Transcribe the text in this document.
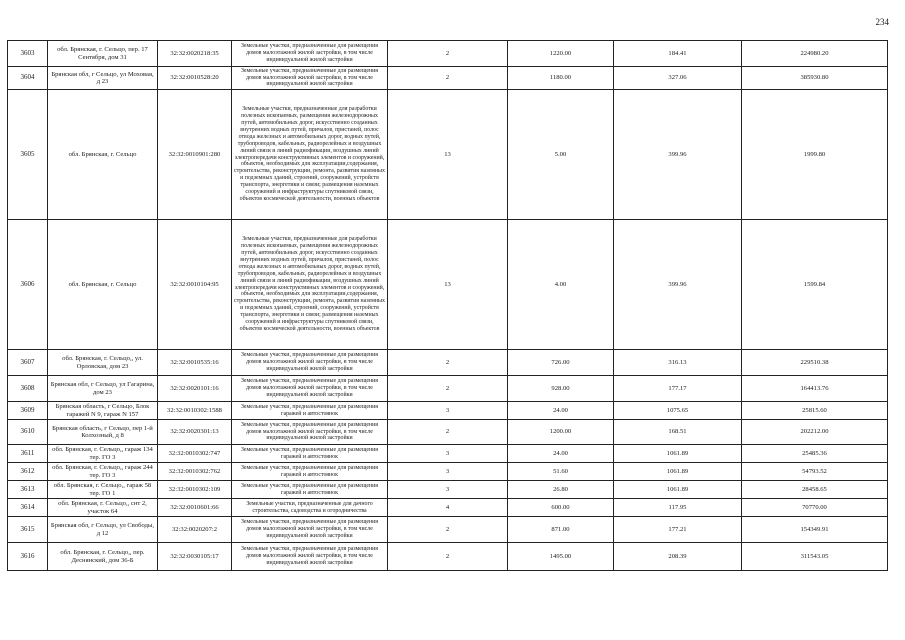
234
3603	обл. Брянская, г. Сельцо, пер. 17 Сентября, дом 31	32:32:0020218:35	Земельные участки, предназначенные для размещения домов малоэтажной жилой застройки, в том числе индивидуальной жилой застройки	2	1220.00	184.41	224980.20
3604	Брянская обл, г Сельцо, ул Моховая, д 23	32:32:0010528:20	Земельные участки, предназначенные для размещения домов малоэтажной жилой застройки, в том числе индивидуальной жилой застройки	2	1180.00	327.06	385930.80
3605	обл. Брянская, г. Сельцо	32:32:0010901:280	Земельные участки, предназначенные для разработки полезных ископаемых, размещения железнодорожных путей, автомобильных дорог, искусственно созданных внутренних водных путей, причалов, пристаней, полос отвода железных и автомобильных дорог, водных путей, трубопроводов, кабельных, радиорелейных и воздушных линий связи и линий радиофикации, воздушных линий электропередачи конструктивных элементов и сооружений, объектов, необходимых для эксплуатации,содержания, строительства, реконструкции, ремонта, развития наземных и подземных зданий, строений, сооружений, устройств транспорта, энергетики и связи; размещения наземных сооружений и инфраструктуры спутниковой связи, объектов космической деятельности, военных объектов	13	5.00	399.96	1999.80
3606	обл. Брянская, г. Сельцо	32:32:0010104:95	Земельные участки, предназначенные для разработки полезных ископаемых, размещения железнодорожных путей, автомобильных дорог, искусственно созданных внутренних водных путей, причалов, пристаней, полос отвода железных и автомобильных дорог, водных путей, трубопроводов, кабельных, радиорелейных и воздушных линий связи и линий радиофикации, воздушных линий электропередачи конструктивных элементов и сооружений, объектов, необходимых для эксплуатации,содержания, строительства, реконструкции, ремонта, развития наземных и подземных зданий, строений, сооружений, устройств транспорта, энергетики и связи; размещения наземных сооружений и инфраструктуры спутниковой связи, объектов космической деятельности, военных объектов	13	4.00	399.96	1599.84
3607	обл. Брянская, г. Сельцо,, ул. Орловская, дом 23	32:32:0010535:16	Земельные участки, предназначенные для размещения домов малоэтажной жилой застройки, в том числе индивидуальной жилой застройки	2	726.00	316.13	229510.38
3608	Брянская обл, г Сельцо, ул Гагарина, дом 23	32:32:0020101:16	Земельные участки, предназначенные для размещения домов малоэтажной жилой застройки, в том числе индивидуальной жилой застройки	2	928.00	177.17	164413.76
3609	Брянская область, г Сельцо, Блок гаражей N 9, гараж N 157	32:32:0010302:1588	Земельные участки, предназначенные для размещения гаражей и автостоянок	3	24.00	1075.65	25815.60
3610	Брянская область, г Сельцо, пер 1-й Колхозный, д 8	32:32:0020301:13	Земельные участки, предназначенные для размещения домов малоэтажной жилой застройки, в том числе индивидуальной жилой застройки	2	1200.00	168.51	202212.00
3611	обл. Брянская, г. Сельцо,, гараж 134 тер. ГО 3	32:32:0010302:747	Земельные участки, предназначенные для размещения гаражей и автостоянок	3	24.00	1061.89	25485.36
3612	обл. Брянская, г. Сельцо,, гараж 244 тер. ГО 3	32:32:0010302:762	Земельные участки, предназначенные для размещения гаражей и автостоянок	3	51.60	1061.89	54793.52
3613	обл. Брянская, г. Сельцо,, гараж 58 тер. ГО 1	32:32:0010302:109	Земельные участки, предназначенные для размещения гаражей и автостоянок	3	26.80	1061.89	28458.65
3614	обл. Брянская, г. Сельцо,, снт 2, участок 64	32:32:0010601:66	Земельные участки, предназначенные для дачного строительства, садоводства и огородничества	4	600.00	117.95	70770.00
3615	Брянская обл, г Сельцо, ул Свободы, д 12	32:32:0020207:2	Земельные участки, предназначенные для размещения домов малоэтажной жилой застройки, в том числе индивидуальной жилой застройки	2	871.00	177.21	154349.91
3616	обл. Брянская, г. Сельцо,, пер. Деснянский, дом 36-Б	32:32:0030105:17	Земельные участки, предназначенные для размещения домов малоэтажной жилой застройки, в том числе индивидуальной жилой застройки	2	1495.00	208.39	311543.05
